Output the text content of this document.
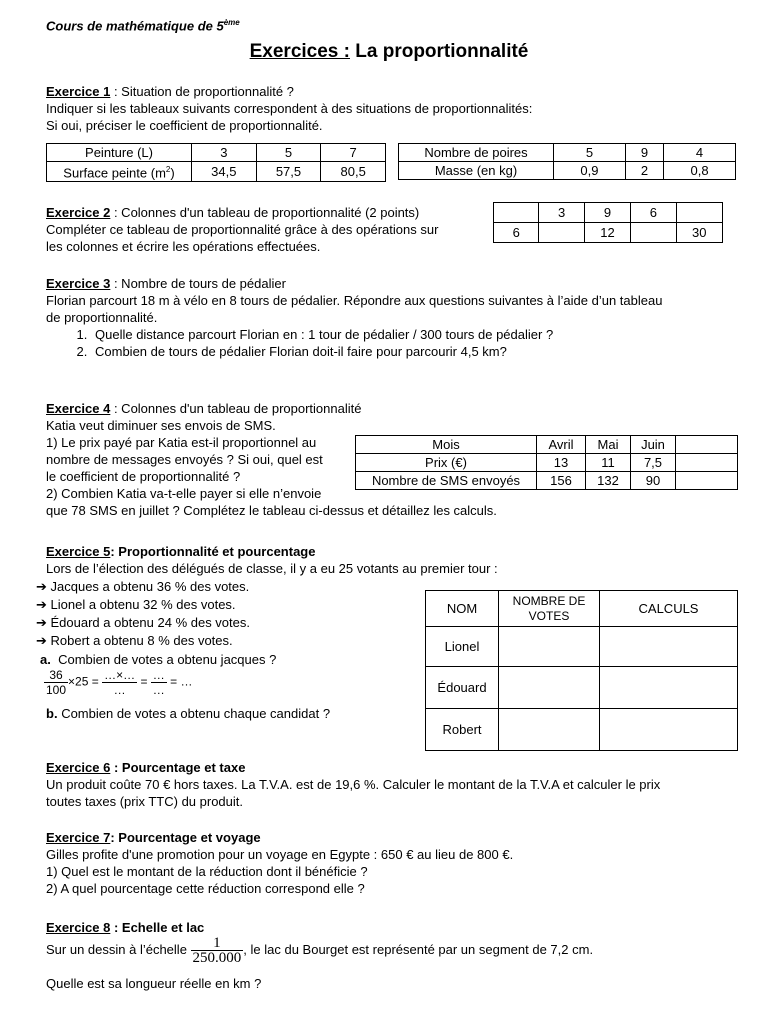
Cours de mathématique de 5ème
Exercices : La proportionnalité

Exercice 1 : Situation de proportionnalité ?

Indiquer si les tableaux suivants correspondent à des situations de proportionnalités:

Si oui, préciser le coefficient de proportionnalité.

Peinture (L)	3	5	7
Surface peinte $(m^2)$	34,5	57,5	80,5
Nombre de poires	5	9	4
Masse (en kg)	0,9	2	0,8

Exercice 2 : Colonnes d'un tableau de proportionnalité (2 points)

Compléter ce tableau de proportionnalité grâce à des opérations sur

les colonnes et écrire les opérations effectuées.

	3	9	6	
6		12		30

Exercice 3 : Nombre de tours de pédalier

Florian parcourt 18 m à vélo en 8 tours de pédalier. Répondre aux questions suivantes à l’aide d’un tableau

de proportionnalité.

1. Quelle distance parcourt Florian en : 1 tour de pédalier / 300 tours de pédalier ?
2. Combien de tours de pédalier Florian doit-il faire pour parcourir 4,5 km?

Exercice 4 : Colonnes d'un tableau de proportionnalité

Katia veut diminuer ses envois de SMS.

1) Le prix payé par Katia est-il proportionnel au

nombre de messages envoyés ? Si oui, quel est

le coefficient de proportionnalité ?

2) Combien Katia va-t-elle payer si elle n’envoie

que 78 SMS en juillet ? Complétez le tableau ci-dessus et détaillez les calculs.

Mois	Avril	Mai	Juin	
Prix (€)	13	11	7,5	
Nombre de SMS envoyés	156	132	90	

Exercice 5: Proportionnalité et pourcentage

Lors de l’élection des délégués de classe, il y a eu 25 votants au premier tour :

➔ Jacques a obtenu 36 % des votes.
➔ Lionel a obtenu 32 % des votes.
➔ Édouard a obtenu 24 % des votes.
➔ Robert a obtenu 8 % des votes.
a. Combien de votes a obtenu jacques ?
$\frac{36}{100} \times 25 = \frac{\dots\times\dots}{\dots} = \frac{\dots}{\dots}$ = …
b. Combien de votes a obtenu chaque candidat ?
NOM	NOMBRE DE VOTES	CALCULS
Lionel		
Édouard		
Robert		

Exercice 6 : Pourcentage et taxe

Un produit coûte 70 € hors taxes. La T.V.A. est de 19,6 %. Calculer le montant de la T.V.A et calculer le prix

toutes taxes (prix TTC) du produit.

Exercice 7: Pourcentage et voyage

Gilles profite d'une promotion pour un voyage en Egypte : 650 € au lieu de 800 €.

1) Quel est le montant de la réduction dont il bénéficie ?

2) A quel pourcentage cette réduction correspond elle ?

Exercice 8 : Echelle et lac

Sur un dessin à l’échelle $\frac{1}{250.000}$ , le lac du Bourget est représenté par un segment de 7,2 cm.

Quelle est sa longueur réelle en km ?
